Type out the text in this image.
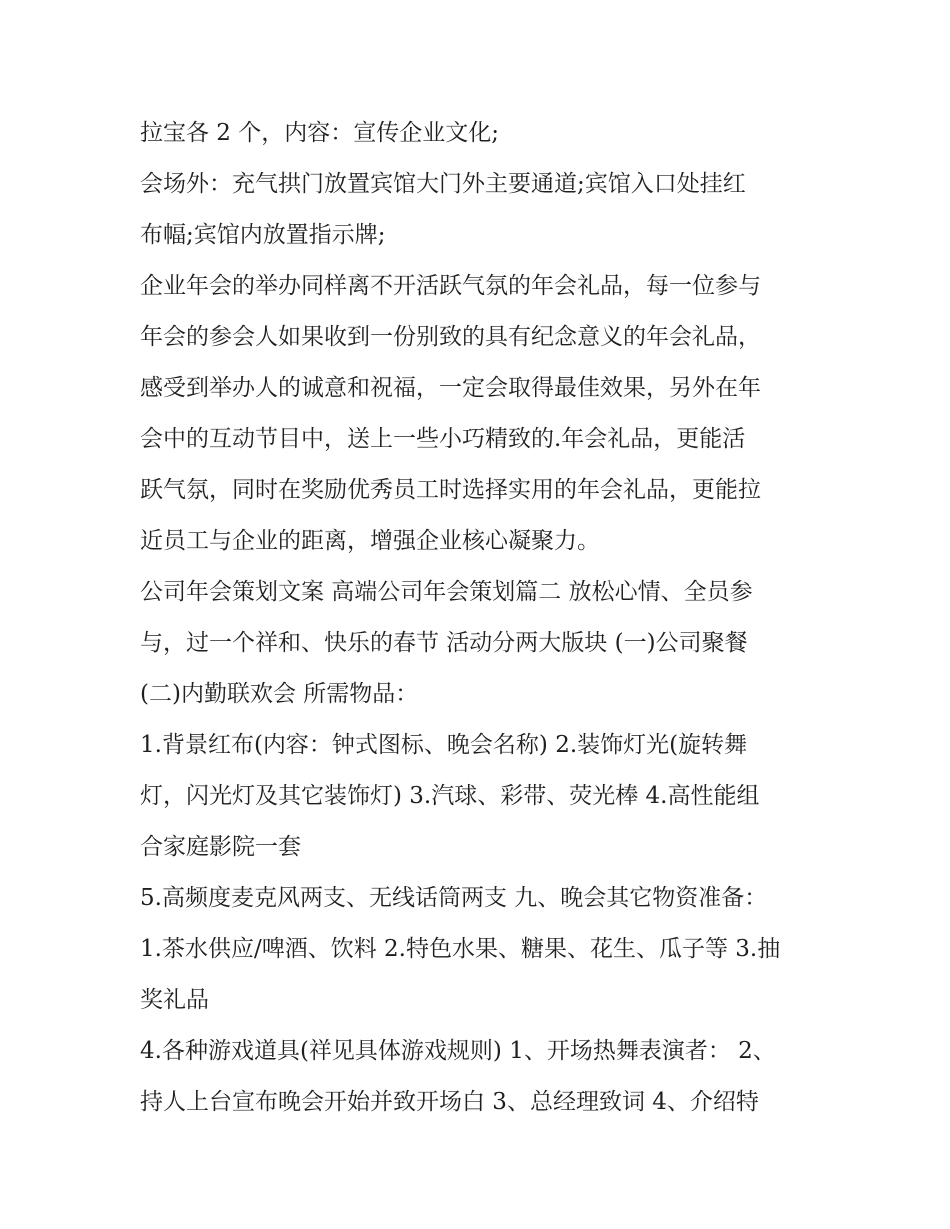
拉宝各 2 个，内容：宣传企业文化;
会场外：充气拱门放置宾馆大门外主要通道;宾馆入口处挂红
布幅;宾馆内放置指示牌;
企业年会的举办同样离不开活跃气氛的年会礼品，每一位参与
年会的参会人如果收到一份别致的具有纪念意义的年会礼品，
感受到举办人的诚意和祝福，一定会取得最佳效果，另外在年
会中的互动节目中，送上一些小巧精致的.年会礼品，更能活
跃气氛，同时在奖励优秀员工时选择实用的年会礼品，更能拉
近员工与企业的距离，增强企业核心凝聚力。
公司年会策划文案 高端公司年会策划篇二 放松心情、全员参
与，过一个祥和、快乐的春节 活动分两大版块 (一)公司聚餐
(二)内勤联欢会 所需物品：
1.背景红布(内容：钟式图标、晚会名称) 2.装饰灯光(旋转舞
灯，闪光灯及其它装饰灯) 3.汽球、彩带、荧光棒 4.高性能组
合家庭影院一套
5.高频度麦克风两支、无线话筒两支 九、晚会其它物资准备：
1.茶水供应/啤酒、饮料 2.特色水果、糖果、花生、瓜子等 3.抽
奖礼品
4.各种游戏道具(祥见具体游戏规则) 1、开场热舞表演者： 2、
持人上台宣布晚会开始并致开场白 3、总经理致词 4、介绍特
